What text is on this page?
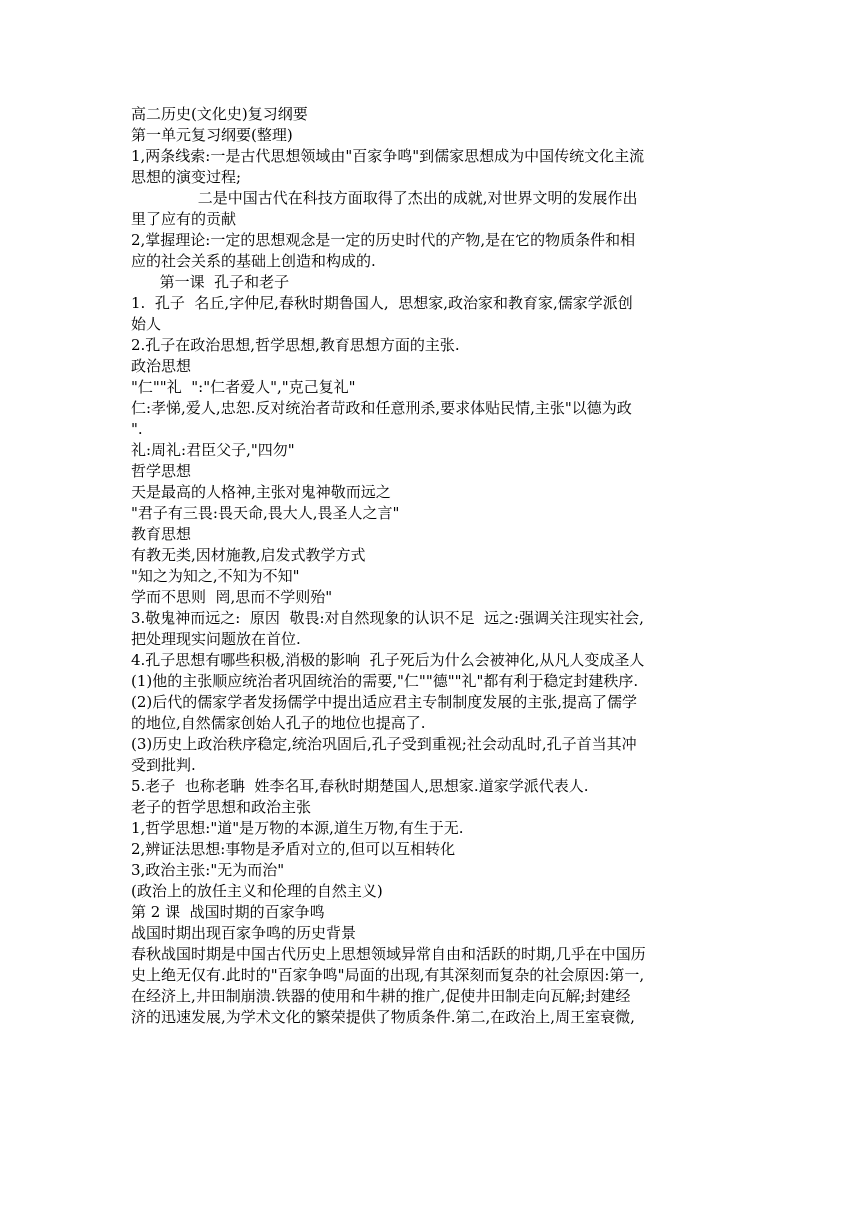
高二历史(文化史)复习纲要
第一单元复习纲要(整理)
1,两条线索:一是古代思想领域由"百家争鸣"到儒家思想成为中国传统文化主流
思想的演变过程;
二是中国古代在科技方面取得了杰出的成就,对世界文明的发展作出
里了应有的贡献
2,掌握理论:一定的思想观念是一定的历史时代的产物,是在它的物质条件和相
应的社会关系的基础上创造和构成的.
第一课  孔子和老子
1.  孔子  名丘,字仲尼,春秋时期鲁国人,  思想家,政治家和教育家,儒家学派创
始人
2.孔子在政治思想,哲学思想,教育思想方面的主张.
政治思想
"仁""礼  ":"仁者爱人","克己复礼"
仁:孝悌,爱人,忠恕.反对统治者苛政和任意刑杀,要求体贴民情,主张"以德为政
".
礼:周礼:君臣父子,"四勿"
哲学思想
天是最高的人格神,主张对鬼神敬而远之
"君子有三畏:畏天命,畏大人,畏圣人之言"
教育思想
有教无类,因材施教,启发式教学方式
"知之为知之,不知为不知"
学而不思则  罔,思而不学则殆"
3.敬鬼神而远之:  原因  敬畏:对自然现象的认识不足  远之:强调关注现实社会,
把处理现实问题放在首位.
4.孔子思想有哪些积极,消极的影响  孔子死后为什么会被神化,从凡人变成圣人
(1)他的主张顺应统治者巩固统治的需要,"仁""德""礼"都有利于稳定封建秩序.
(2)后代的儒家学者发扬儒学中提出适应君主专制制度发展的主张,提高了儒学
的地位,自然儒家创始人孔子的地位也提高了.
(3)历史上政治秩序稳定,统治巩固后,孔子受到重视;社会动乱时,孔子首当其冲
受到批判.
5.老子  也称老聃  姓李名耳,春秋时期楚国人,思想家.道家学派代表人.
老子的哲学思想和政治主张
1,哲学思想:"道"是万物的本源,道生万物,有生于无.
2,辨证法思想:事物是矛盾对立的,但可以互相转化
3,政治主张:"无为而治"
(政治上的放任主义和伦理的自然主义)
第 2 课  战国时期的百家争鸣
战国时期出现百家争鸣的历史背景
春秋战国时期是中国古代历史上思想领域异常自由和活跃的时期,几乎在中国历
史上绝无仅有.此时的"百家争鸣"局面的出现,有其深刻而复杂的社会原因:第一,
在经济上,井田制崩溃.铁器的使用和牛耕的推广,促使井田制走向瓦解;封建经
济的迅速发展,为学术文化的繁荣提供了物质条件.第二,在政治上,周王室衰微,
